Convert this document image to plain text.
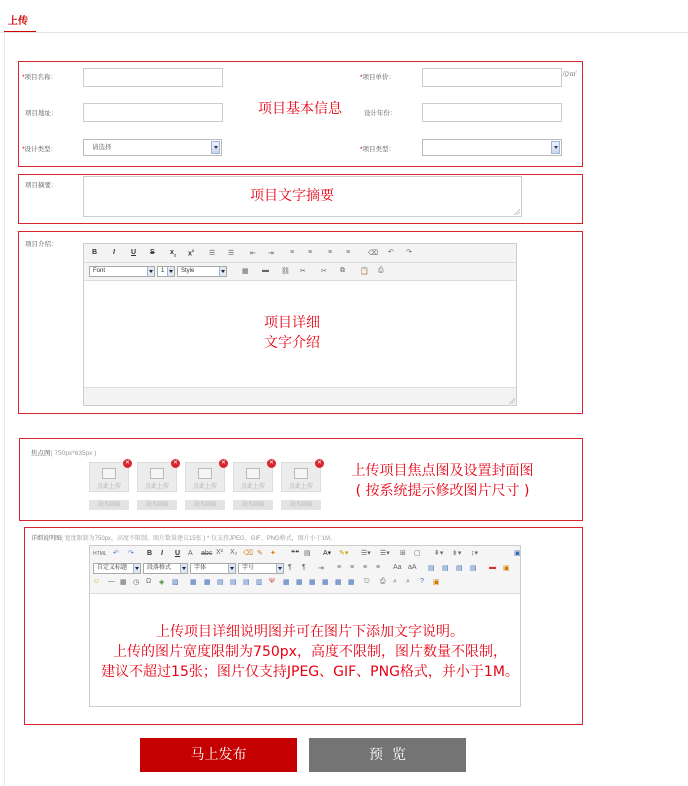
上传
*项目名称：	*项目单价：	元/㎡
项目地址：	设计年份：
*设计类型：	请选择	*项目类型：
项目基本信息
项目摘要：
项目文字摘要
项目介绍：
B I U S $x_2$ $x^2$ ☰ ☰ ⇤ ⇥ ≡ ≡ ≡ ≡	⌫ ↶ ↷
Font	1	Style	▦ ▬ ⛓ ✂ ✂ ⧉ 📋 ⎙
项目详细
文字介绍
焦点图( 750px*635px )
点此上传
✕
设为封面
点此上传
✕
设为封面
点此上传
✕
设为封面
点此上传
✕
设为封面
点此上传
✕
设为封面
上传项目焦点图及设置封面图
( 按系统提示修改图片尺寸 )
详细说明图( 宽度限制为750px，高度不限制，图片数量建议15张 ) * 仅支持JPEG、GIF、PNG格式，图片小于1M。
HTML ↶ ↷ B I U A abc X² X₂ ⌫ ✎ ✦ ❝❝ ▤ A▾ ✎▾ ☰▾ ☰▾ ⊞ ▢ ⇞▾ ⇟▾ ↕▾	▣
自定义标题	段落格式	字体	字号	¶ ¶ ⇥ ≡ ≡ ≡ ≡ Aa aA ▤ ▤ ▤ ▤ ▬ ▣
☺ — ▦ ◷ Ω ◈ ▨ ▦ ▦ ▤ ▤ ▤ ▥ Ψ ▦ ▦ ▦ ▦ ▦ ▦ ⎋ ⎙ ⌕ ⌕ ? ▣
上传项目详细说明图并可在图片下添加文字说明。
上传的图片宽度限制为750px，高度不限制，图片数量不限制，
建议不超过15张；图片仅支持JPEG、GIF、PNG格式，并小于1M。
马上发布	预  览
